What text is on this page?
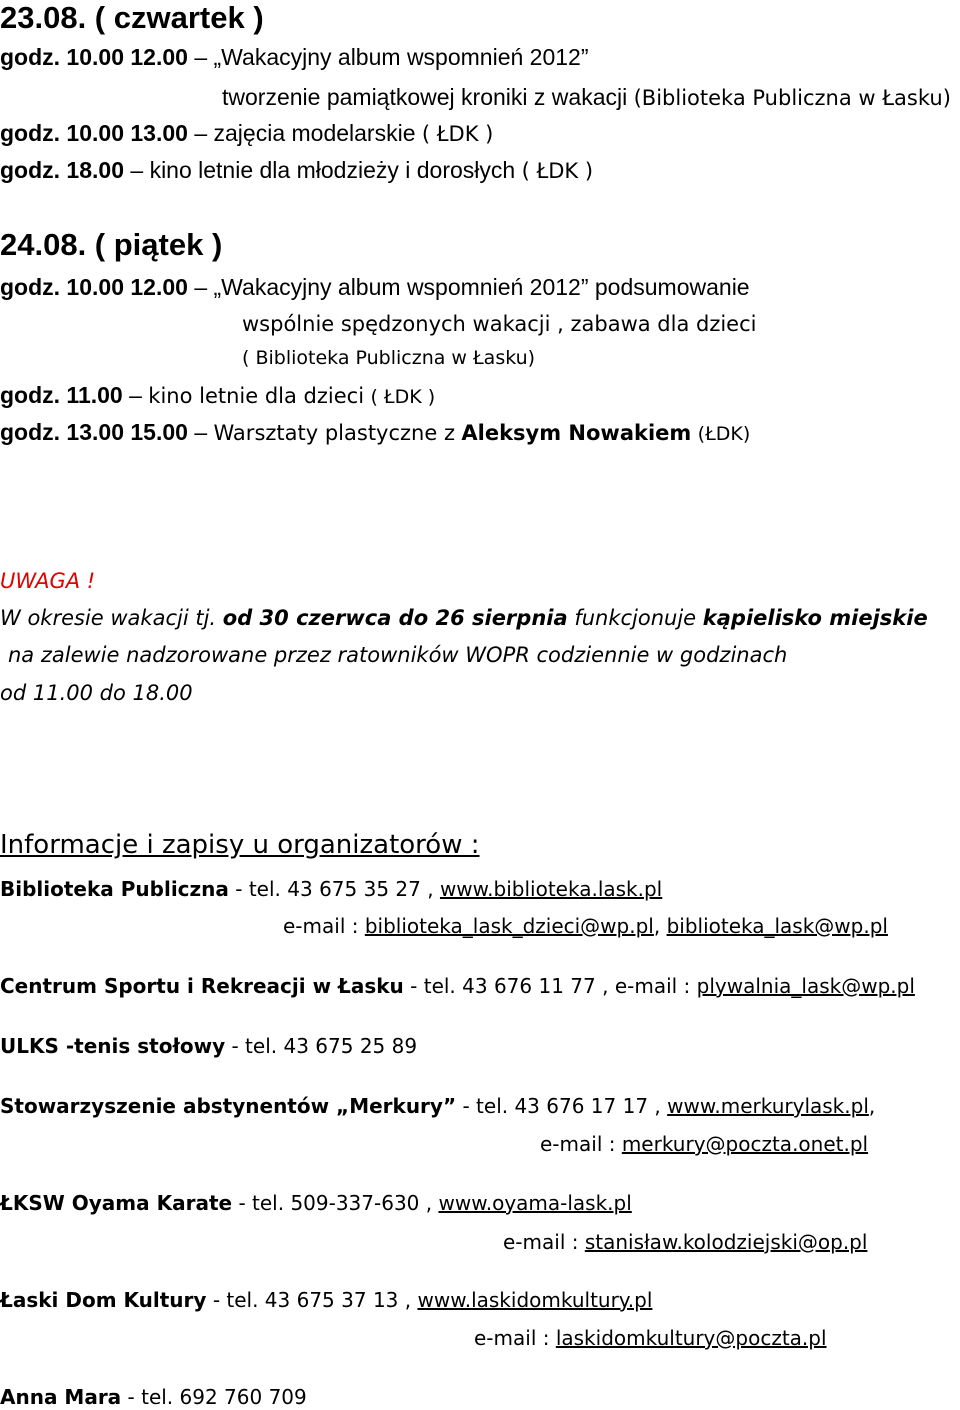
23.08. ( czwartek )
godz. 10.00 12.00 – „Wakacyjny album wspomnień 2012”
tworzenie pamiątkowej kroniki z wakacji (Biblioteka Publiczna w Łasku)
godz. 10.00 13.00 – zajęcia modelarskie ( ŁDK )
godz. 18.00 – kino letnie dla młodzieży i dorosłych ( ŁDK )
24.08. ( piątek )
godz. 10.00 12.00 – „Wakacyjny album wspomnień 2012” podsumowanie
wspólnie spędzonych wakacji , zabawa dla dzieci
( Biblioteka Publiczna w Łasku)
godz. 11.00 – kino letnie dla dzieci ( ŁDK )
godz. 13.00 15.00 – Warsztaty plastyczne z Aleksym Nowakiem (ŁDK)
UWAGA !
W okresie wakacji tj. od 30 czerwca do 26 sierpnia funkcjonuje kąpielisko miejskie
na zalewie nadzorowane przez ratowników WOPR codziennie w godzinach
od 11.00 do 18.00
Informacje i zapisy u organizatorów :
Biblioteka Publiczna - tel. 43 675 35 27 , www.biblioteka.lask.pl
e-mail : biblioteka_lask_dzieci@wp.pl, biblioteka_lask@wp.pl
Centrum Sportu i Rekreacji w Łasku - tel. 43 676 11 77 , e-mail : plywalnia_lask@wp.pl
ULKS -tenis stołowy - tel. 43 675 25 89
Stowarzyszenie abstynentów „Merkury” - tel. 43 676 17 17 , www.merkurylask.pl,
e-mail : merkury@poczta.onet.pl
ŁKSW Oyama Karate - tel. 509-337-630 , www.oyama-lask.pl
e-mail : stanisław.kolodziejski@op.pl
Łaski Dom Kultury - tel. 43 675 37 13 , www.laskidomkultury.pl
e-mail : laskidomkultury@poczta.pl
Anna Mara - tel. 692 760 709
